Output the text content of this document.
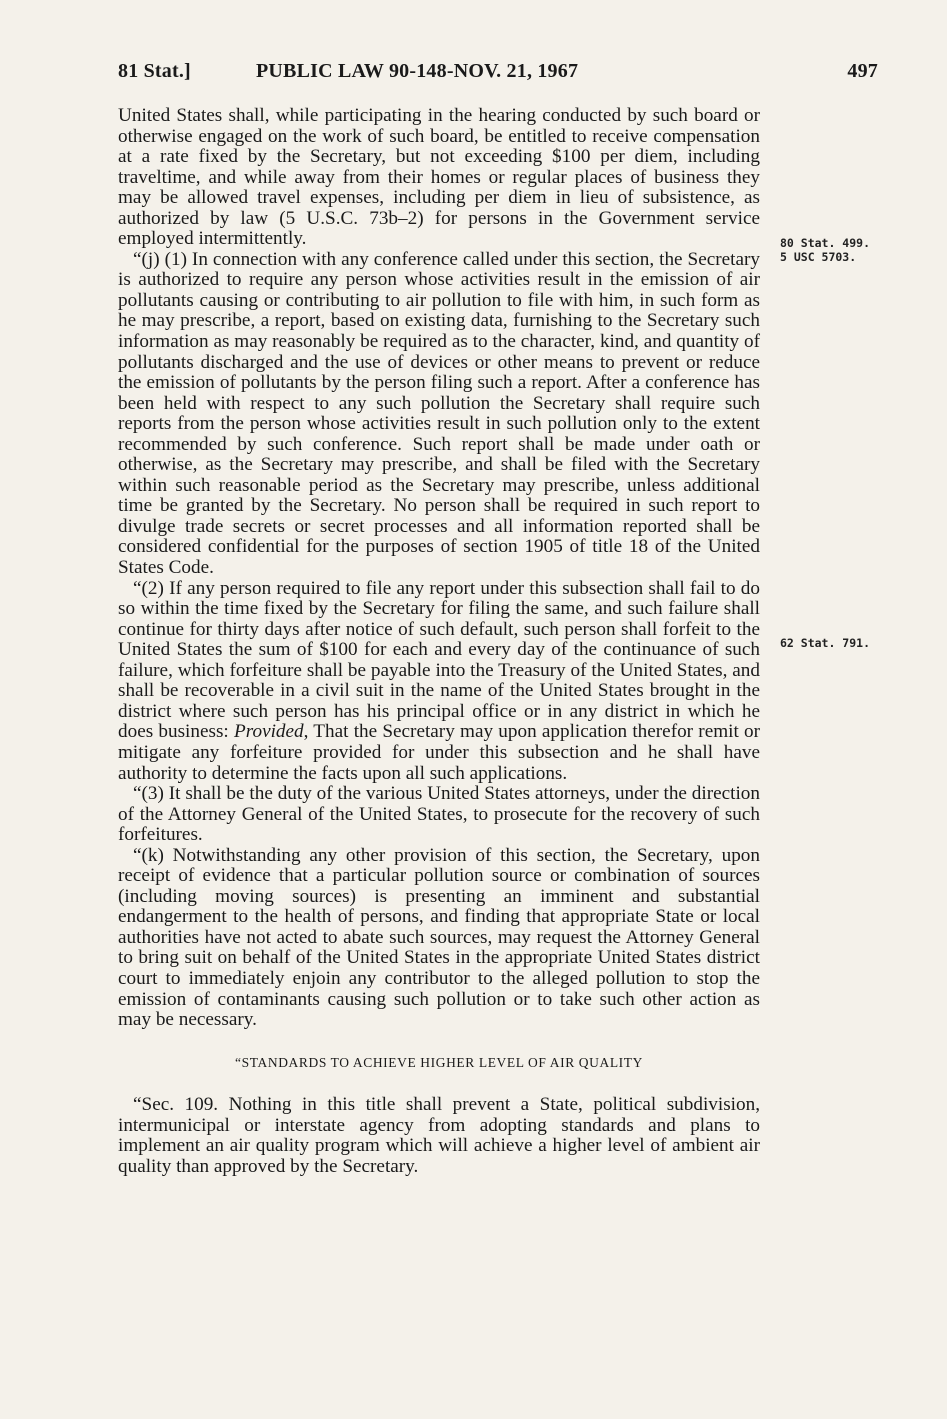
81 Stat.]	PUBLIC LAW 90-148-NOV. 21, 1967	497

United States shall, while participating in the hearing conducted by such board or otherwise engaged on the work of such board, be entitled to receive compensation at a rate fixed by the Secretary, but not exceeding $100 per diem, including traveltime, and while away from their homes or regular places of business they may be allowed travel expenses, including per diem in lieu of subsistence, as authorized by law (5 U.S.C. 73b–2) for persons in the Government service employed intermittently.

“(j) (1) In connection with any conference called under this section, the Secretary is authorized to require any person whose activities result in the emission of air pollutants causing or contributing to air pollution to file with him, in such form as he may prescribe, a report, based on existing data, furnishing to the Secretary such information as may reasonably be required as to the character, kind, and quantity of pollutants discharged and the use of devices or other means to prevent or reduce the emission of pollutants by the person filing such a report. After a conference has been held with respect to any such pollution the Secretary shall require such reports from the person whose activities result in such pollution only to the extent recommended by such conference. Such report shall be made under oath or otherwise, as the Secretary may prescribe, and shall be filed with the Secretary within such reasonable period as the Secretary may prescribe, unless additional time be granted by the Secretary. No person shall be required in such report to divulge trade secrets or secret processes and all information reported shall be considered confidential for the purposes of section 1905 of title 18 of the United States Code.

“(2) If any person required to file any report under this subsection shall fail to do so within the time fixed by the Secretary for filing the same, and such failure shall continue for thirty days after notice of such default, such person shall forfeit to the United States the sum of $100 for each and every day of the continuance of such failure, which forfeiture shall be payable into the Treasury of the United States, and shall be recoverable in a civil suit in the name of the United States brought in the district where such person has his principal office or in any district in which he does business: Provided, That the Secretary may upon application therefor remit or mitigate any forfeiture provided for under this subsection and he shall have authority to determine the facts upon all such applications.

“(3) It shall be the duty of the various United States attorneys, under the direction of the Attorney General of the United States, to prosecute for the recovery of such forfeitures.

“(k) Notwithstanding any other provision of this section, the Secretary, upon receipt of evidence that a particular pollution source or combination of sources (including moving sources) is presenting an imminent and substantial endangerment to the health of persons, and finding that appropriate State or local authorities have not acted to abate such sources, may request the Attorney General to bring suit on behalf of the United States in the appropriate United States district court to immediately enjoin any contributor to the alleged pollution to stop the emission of contaminants causing such pollution or to take such other action as may be necessary.

“STANDARDS TO ACHIEVE HIGHER LEVEL OF AIR QUALITY

“Sec. 109. Nothing in this title shall prevent a State, political subdivision, intermunicipal or interstate agency from adopting standards and plans to implement an air quality program which will achieve a higher level of ambient air quality than approved by the Secretary.

80 Stat. 499.
5 USC 5703.
62 Stat. 791.
